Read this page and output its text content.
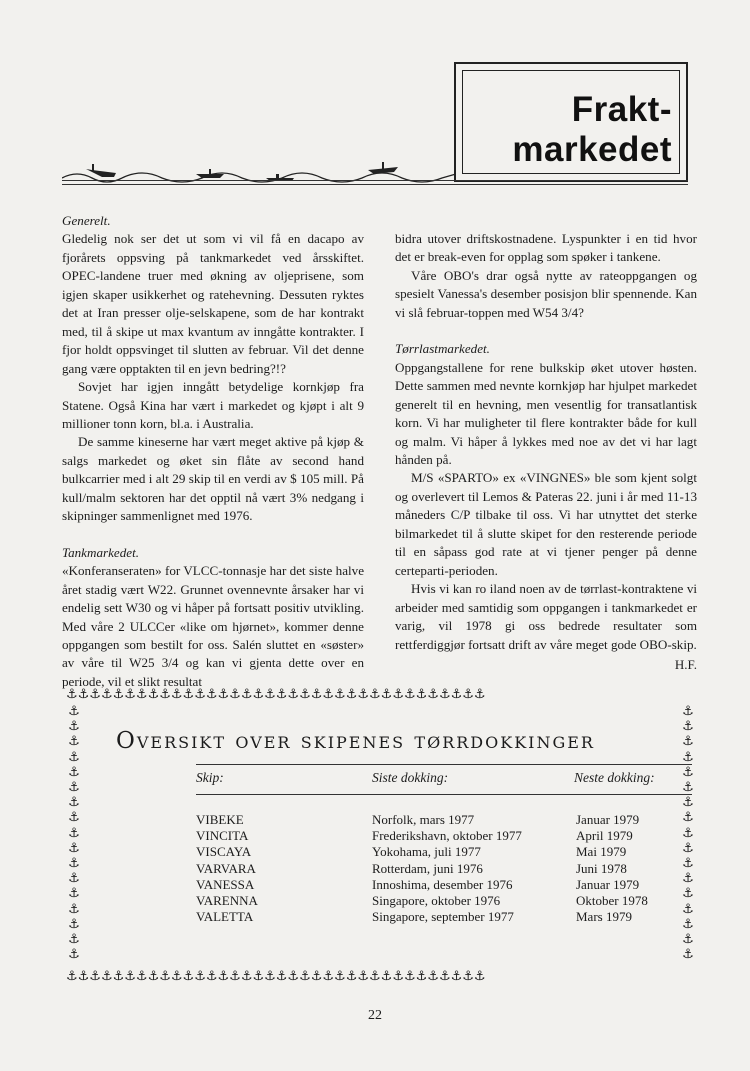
Frakt-
markedet

Generelt.

Gledelig nok ser det ut som vi vil få en dacapo av fjorårets oppsving på tankmarkedet ved årsskiftet. OPEC-landene truer med økning av oljeprisene, som igjen skaper usikkerhet og ratehevning. Dessuten ryktes det at Iran presser olje-selskapene, som de har kontrakt med, til å skipe ut max kvantum av inngåtte kontrakter. I fjor holdt oppsvinget til slutten av februar. Vil det denne gang være opptakten til en jevn bedring?!?

Sovjet har igjen inngått betydelige kornkjøp fra Statene. Også Kina har vært i markedet og kjøpt i alt 9 millioner tonn korn, bl.a. i Australia.

De samme kineserne har vært meget aktive på kjøp & salgs markedet og øket sin flåte av second hand bulkcarrier med i alt 29 skip til en verdi av $ 105 mill. På kull/malm sektoren har det opptil nå vært 3% nedgang i skipninger sammenlignet med 1976.

Tankmarkedet.

«Konferanseraten» for VLCC-tonnasje har det siste halve året stadig vært W22. Grunnet ovennevnte årsaker har vi endelig sett W30 og vi håper på fortsatt positiv utvikling. Med våre 2 ULCCer «like om hjørnet», kommer denne oppgangen som bestilt for oss. Salén sluttet en «søster» av våre til W25 3/4 og kan vi gjenta dette over en periode, vil et slikt resultat

bidra utover driftskostnadene. Lyspunkter i en tid hvor det er break-even for opplag som spøker i tankene.

Våre OBO's drar også nytte av rateoppgangen og spesielt Vanessa's desember posisjon blir spennende. Kan vi slå februar-toppen med W54 3/4?

Tørrlastmarkedet.

Oppgangstallene for rene bulkskip øket utover høsten. Dette sammen med nevnte kornkjøp har hjulpet markedet generelt til en hevning, men vesentlig for transatlantisk korn. Vi har muligheter til flere kontrakter både for kull og malm. Vi håper å lykkes med noe av det vi har lagt hånden på.

M/S «SPARTO» ex «VINGNES» ble som kjent solgt og overlevert til Lemos & Pateras 22. juni i år med 11-13 måneders C/P tilbake til oss. Vi har utnyttet det sterke bilmarkedet til å slutte skipet for den resterende periode til en såpass god rate at vi tjener penger på denne certeparti-perioden.

Hvis vi kan ro iland noen av de tørrlast-kontraktene vi arbeider med samtidig som oppgangen i tankmarkedet er varig, vil 1978 gi oss bedrede resultater som rettferdiggjør fortsatt drift av våre meget gode OBO-skip.

H.F.
⚓⚓⚓⚓⚓⚓⚓⚓⚓⚓⚓⚓⚓⚓⚓⚓⚓⚓⚓⚓⚓⚓⚓⚓⚓⚓⚓⚓⚓⚓⚓⚓⚓⚓⚓⚓
⚓⚓⚓⚓⚓⚓⚓⚓⚓⚓⚓⚓⚓⚓⚓⚓⚓⚓⚓⚓⚓⚓⚓⚓⚓⚓⚓⚓⚓⚓⚓⚓⚓⚓⚓⚓
⚓
⚓
⚓
⚓
⚓
⚓
⚓
⚓
⚓
⚓
⚓
⚓
⚓
⚓
⚓
⚓
⚓
⚓
⚓
⚓
⚓
⚓
⚓
⚓
⚓
⚓
⚓
⚓
⚓
⚓
⚓
⚓
⚓
⚓
Oversikt over skipenes tørrdokkinger
Skip:	Siste dokking:	Neste dokking:
VIBEKE
VINCITA
VISCAYA
VARVARA
VANESSA
VARENNA
VALETTA
Norfolk, mars 1977
Frederikshavn, oktober 1977
Yokohama, juli 1977
Rotterdam, juni 1976
Innoshima, desember 1976
Singapore, oktober 1976
Singapore, september 1977
Januar 1979
April 1979
Mai 1979
Juni 1978
Januar 1979
Oktober 1978
Mars 1979
22
